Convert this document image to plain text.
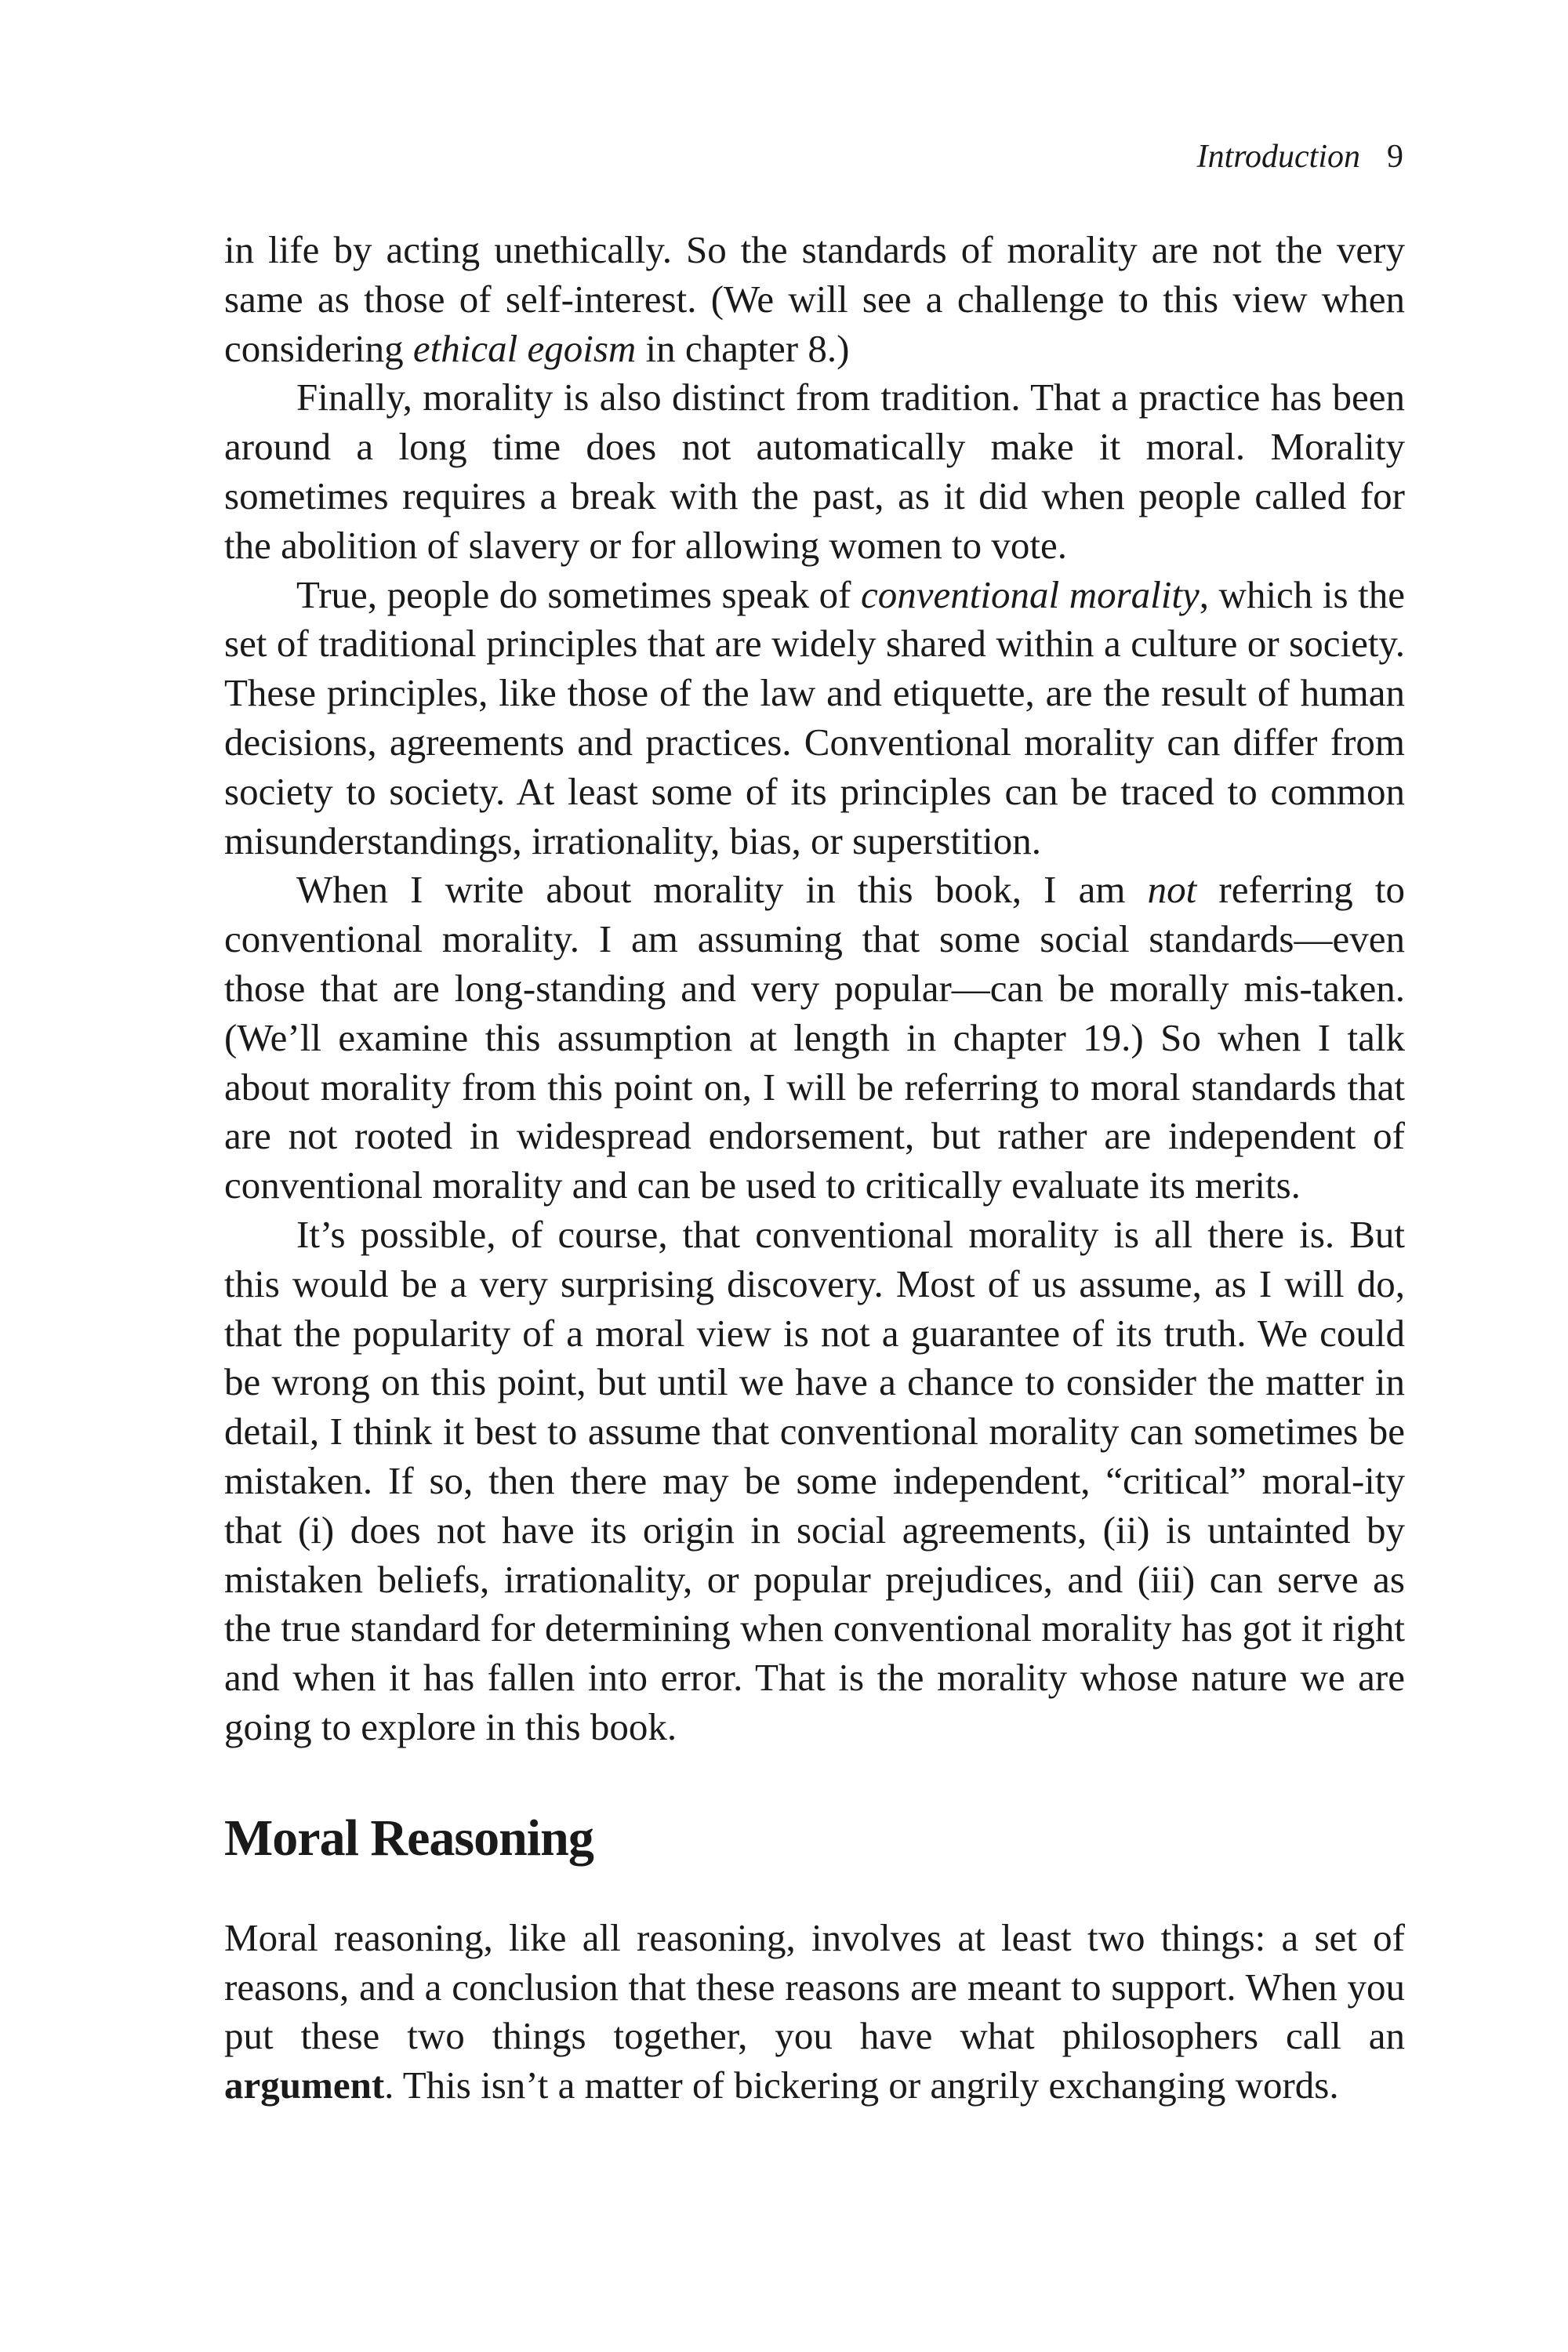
Introduction 9

in life by acting unethically. So the standards of morality are not the very same as those of self-interest. (We will see a challenge to this view when considering ethical egoism in chapter 8.)

Finally, morality is also distinct from tradition. That a practice has been around a long time does not automatically make it moral. Morality sometimes requires a break with the past, as it did when people called for the abolition of slavery or for allowing women to vote.

True, people do sometimes speak of conventional morality, which is the set of traditional principles that are widely shared within a culture or society. These principles, like those of the law and etiquette, are the result of human decisions, agreements and practices. Conventional morality can differ from society to society. At least some of its principles can be traced to common misunderstandings, irrationality, bias, or superstition.

When I write about morality in this book, I am not referring to conventional morality. I am assuming that some social standards—even those that are long-standing and very popular—can be morally mis-taken. (We’ll examine this assumption at length in chapter 19.) So when I talk about morality from this point on, I will be referring to moral standards that are not rooted in widespread endorsement, but rather are independent of conventional morality and can be used to critically evaluate its merits.

It’s possible, of course, that conventional morality is all there is. But this would be a very surprising discovery. Most of us assume, as I will do, that the popularity of a moral view is not a guarantee of its truth. We could be wrong on this point, but until we have a chance to consider the matter in detail, I think it best to assume that conventional morality can sometimes be mistaken. If so, then there may be some independent, “critical” moral-ity that (i) does not have its origin in social agreements, (ii) is untainted by mistaken beliefs, irrationality, or popular prejudices, and (iii) can serve as the true standard for determining when conventional morality has got it right and when it has fallen into error. That is the morality whose nature we are going to explore in this book.

Moral Reasoning

Moral reasoning, like all reasoning, involves at least two things: a set of reasons, and a conclusion that these reasons are meant to support. When you put these two things together, you have what philosophers call an argument. This isn’t a matter of bickering or angrily exchanging words.
